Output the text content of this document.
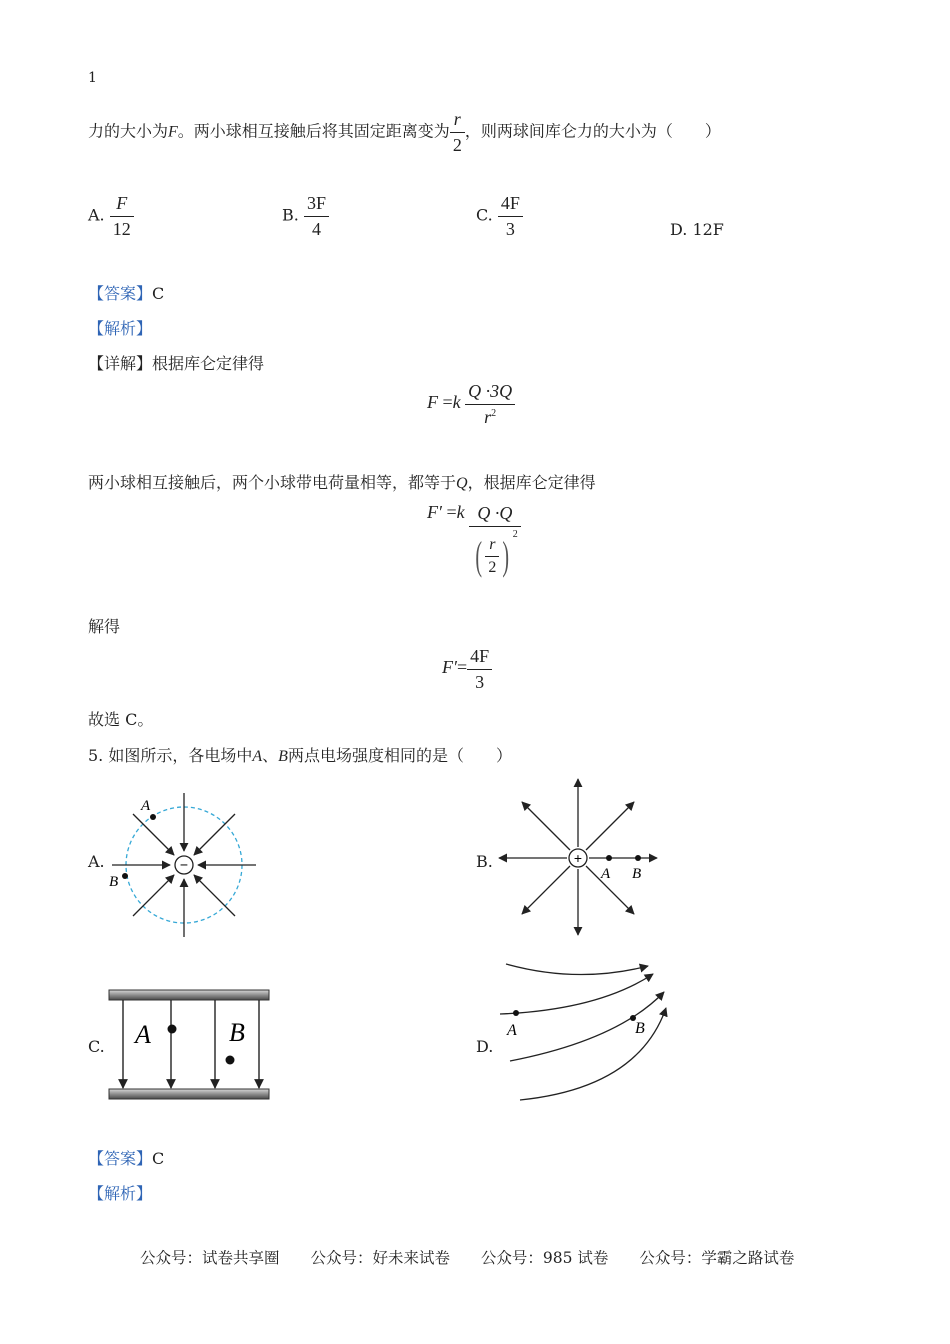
1
力的大小为F。两小球相互接触后将其固定距离变为 $\frac{r}{2}$ ，则两球间库仑力的大小为（　　）
A. $\frac{F}{12}$	B. $\frac{3F}{4}$	C. $\frac{4F}{3}$	D. 12F
【答案】C
【解析】
【详解】根据库仑定律得
$F =k \frac{Q \cdot 3Q}{r^2}$
两小球相互接触后，两个小球带电荷量相等，都等于Q，根据库仑定律得
$F' =k \frac{Q \cdot Q}{( \frac{r}{2} ) ^2}$
解得
$F'= \frac{4F}{3}$
故选 C。
5. 如图所示，各电场中A、B两点电场强度相同的是（　　）
A.	B.
C.	D.
−
A
B
+
A B
A	B	A	B
【答案】C
【解析】
公众号：试卷共享圈 公众号：好未来试卷 公众号：985 试卷 公众号：学霸之路试卷
